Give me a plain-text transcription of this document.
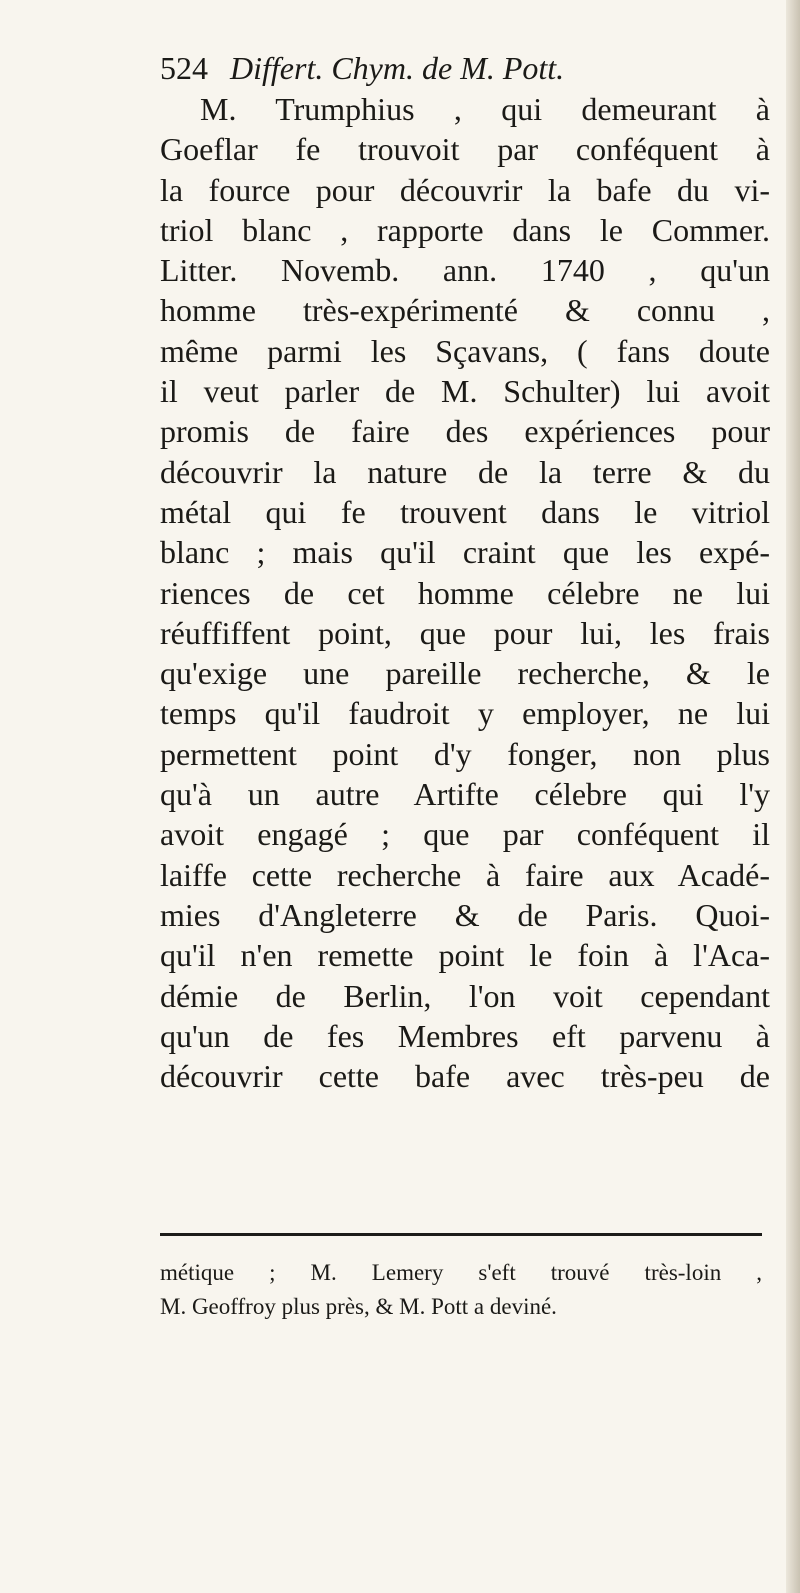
524 Differt. Chym. de M. Pott.
M. Trumphius , qui demeurant à
Goeflar fe trouvoit par conféquent à
la fource pour découvrir la bafe du vi-
triol blanc , rapporte dans le Commer.
Litter. Novemb. ann. 1740 , qu'un
homme très-expérimenté & connu ,
même parmi les Sçavans, ( fans doute
il veut parler de M. Schulter) lui avoit
promis de faire des expériences pour
découvrir la nature de la terre & du
métal qui fe trouvent dans le vitriol
blanc ; mais qu'il craint que les expé-
riences de cet homme célebre ne lui
réuffiffent point, que pour lui, les frais
qu'exige une pareille recherche, & le
temps qu'il faudroit y employer, ne lui
permettent point d'y fonger, non plus
qu'à un autre Artifte célebre qui l'y
avoit engagé ; que par conféquent il
laiffe cette recherche à faire aux Acadé-
mies d'Angleterre & de Paris. Quoi-
qu'il n'en remette point le foin à l'Aca-
démie de Berlin, l'on voit cependant
qu'un de fes Membres eft parvenu à
découvrir cette bafe avec très-peu de
métique ; M. Lemery s'eft trouvé très-loin ,
M. Geoffroy plus près, & M. Pott a deviné.
